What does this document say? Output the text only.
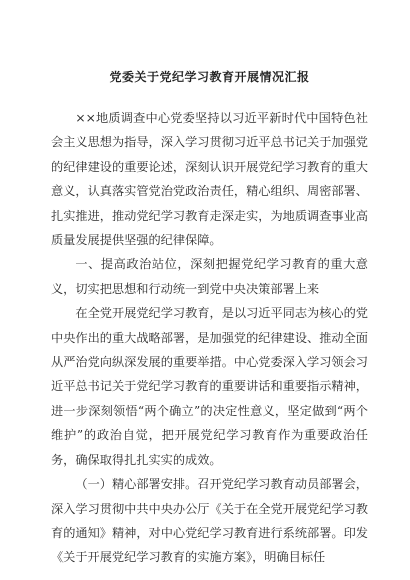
党委关于党纪学习教育开展情况汇报

××地质调查中心党委坚持以习近平新时代中国特色社会主义思想为指导，深入学习贯彻习近平总书记关于加强党的纪律建设的重要论述，深刻认识开展党纪学习教育的重大意义，认真落实管党治党政治责任，精心组织、周密部署、扎实推进，推动党纪学习教育走深走实，为地质调查事业高质量发展提供坚强的纪律保障。

一、提高政治站位，深刻把握党纪学习教育的重大意义，切实把思想和行动统一到党中央决策部署上来

在全党开展党纪学习教育，是以习近平同志为核心的党中央作出的重大战略部署，是加强党的纪律建设、推动全面从严治党向纵深发展的重要举措。中心党委深入学习领会习近平总书记关于党纪学习教育的重要讲话和重要指示精神，进一步深刻领悟“两个确立”的决定性意义，坚定做到“两个维护”的政治自觉，把开展党纪学习教育作为重要政治任务，确保取得扎扎实实的成效。

（一）精心部署安排。召开党纪学习教育动员部署会，深入学习贯彻中共中央办公厅《关于在全党开展党纪学习教育的通知》精神，对中心党纪学习教育进行系统部署。印发《关于开展党纪学习教育的实施方案》，明确目标任
